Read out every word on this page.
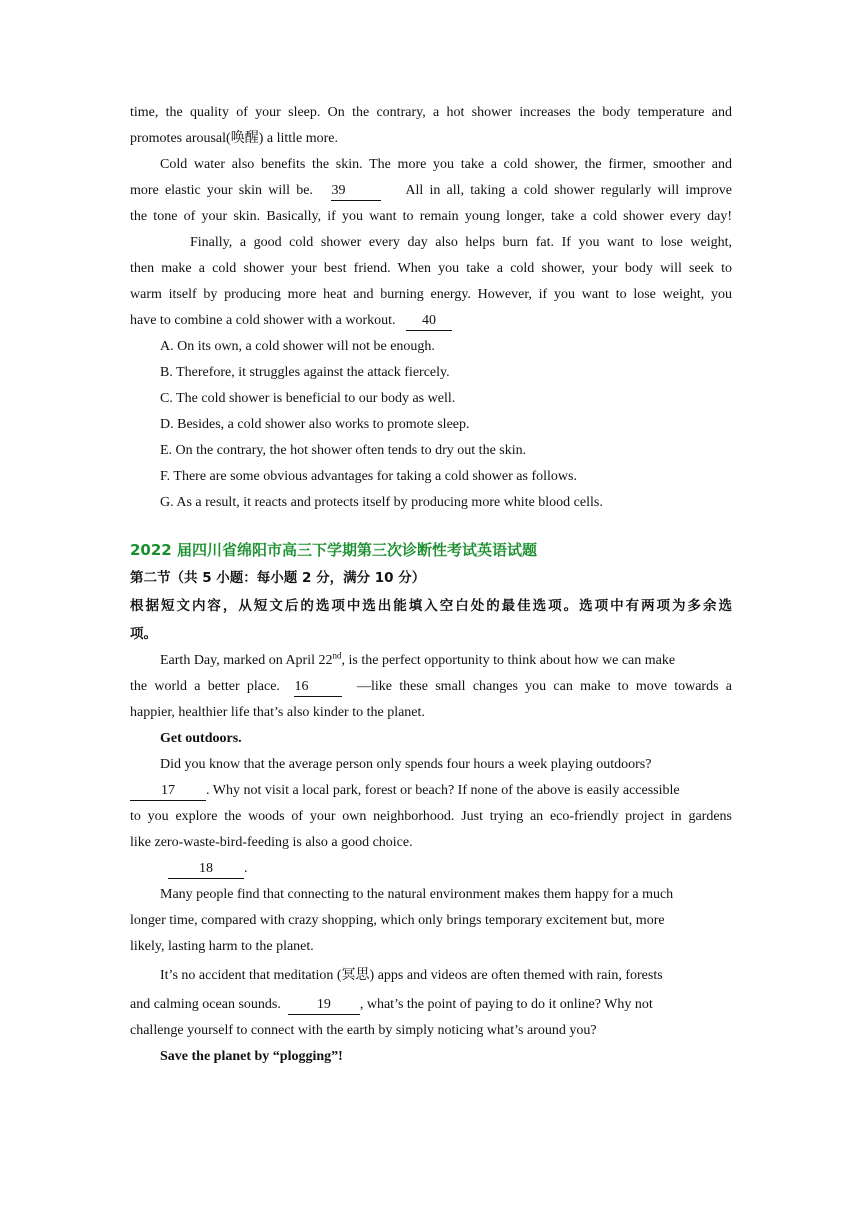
time, the quality of your sleep. On the contrary, a hot shower increases the body temperature and

promotes arousal(唤醒) a little more.

Cold water also benefits the skin. The more you take a cold shower, the firmer, smoother and

more elastic your skin will be. 39	All in all, taking a cold shower regularly will improve

the tone of your skin. Basically, if you want to remain young longer, take a cold shower every day!

Finally, a good cold shower every day also helps burn fat. If you want to lose weight,

then make a cold shower your best friend. When you take a cold shower, your body will seek to

warm itself by producing more heat and burning energy. However, if you want to lose weight, you

have to combine a cold shower with a workout. 40

A. On its own, a cold shower will not be enough.

B. Therefore, it struggles against the attack fiercely.

C. The cold shower is beneficial to our body as well.

D. Besides, a cold shower also works to promote sleep.

E. On the contrary, the hot shower often tends to dry out the skin.

F. There are some obvious advantages for taking a cold shower as follows.

G. As a result, it reacts and protects itself by producing more white blood cells.

2022 届四川省绵阳市高三下学期第三次诊断性考试英语试题

第二节（共 5 小题：每小题 2 分，满分 10 分）

根据短文内容，从短文后的选项中选出能填入空白处的最佳选项。选项中有两项为多余选

项。

Earth Day, marked on April 22nd, is the perfect opportunity to think about how we can make

the world a better place. 16	—like these small changes you can make to move towards a

happier, healthier life that’s also kinder to the planet.

Get outdoors.

Did you know that the average person only spends four hours a week playing outdoors?

17 . Why not visit a local park, forest or beach? If none of the above is easily accessible

to you explore the woods of your own neighborhood. Just trying an eco-friendly project in gardens

like zero-waste-bird-feeding is also a good choice.

18 .

Many people find that connecting to the natural environment makes them happy for a much

longer time, compared with crazy shopping, which only brings temporary excitement but, more

likely, lasting harm to the planet.

It’s no accident that meditation (冥思) apps and videos are often themed with rain, forests

and calming ocean sounds.	19 , what’s the point of paying to do it online? Why not

challenge yourself to connect with the earth by simply noticing what’s around you?

Save the planet by “plogging”!
